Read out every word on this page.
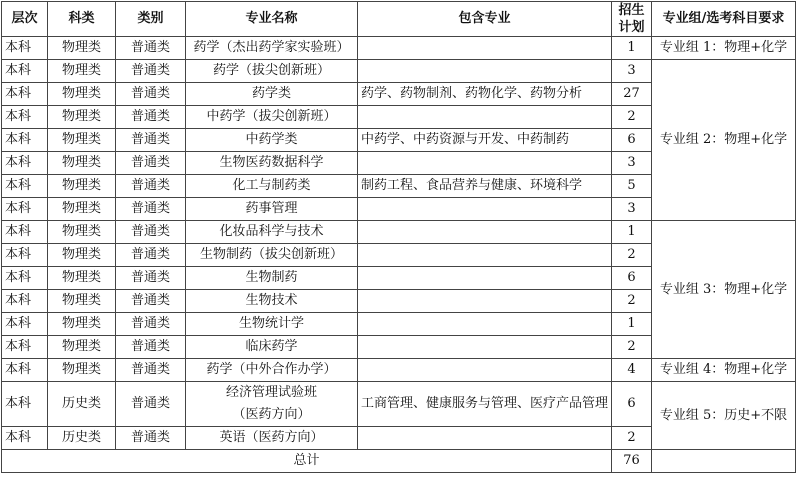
层次	科类	类别	专业名称	包含专业	招生
计划	专业组/选考科目要求
本科	物理类	普通类	药学（杰出药学家实验班）		1	专业组 1：物理+化学
本科	物理类	普通类	药学（拔尖创新班）		3	专业组 2：物理+化学
本科	物理类	普通类	药学类	药学、药物制剂、药物化学、药物分析	27	
本科	物理类	普通类	中药学（拔尖创新班）		2	
本科	物理类	普通类	中药学类	中药学、中药资源与开发、中药制药	6	
本科	物理类	普通类	生物医药数据科学		3	
本科	物理类	普通类	化工与制药类	制药工程、食品营养与健康、环境科学	5	
本科	物理类	普通类	药事管理		3	
本科	物理类	普通类	化妆品科学与技术		1	专业组 3：物理+化学
本科	物理类	普通类	生物制药（拔尖创新班）		2	
本科	物理类	普通类	生物制药		6	
本科	物理类	普通类	生物技术		2	
本科	物理类	普通类	生物统计学		1	
本科	物理类	普通类	临床药学		2	
本科	物理类	普通类	药学（中外合作办学）		4	专业组 4：物理+化学
本科	历史类	普通类	经济管理试验班
（医药方向）	工商管理、健康服务与管理、医疗产品管理	6	专业组 5：历史+不限
本科	历史类	普通类	英语（医药方向）		2	
总计					76	
